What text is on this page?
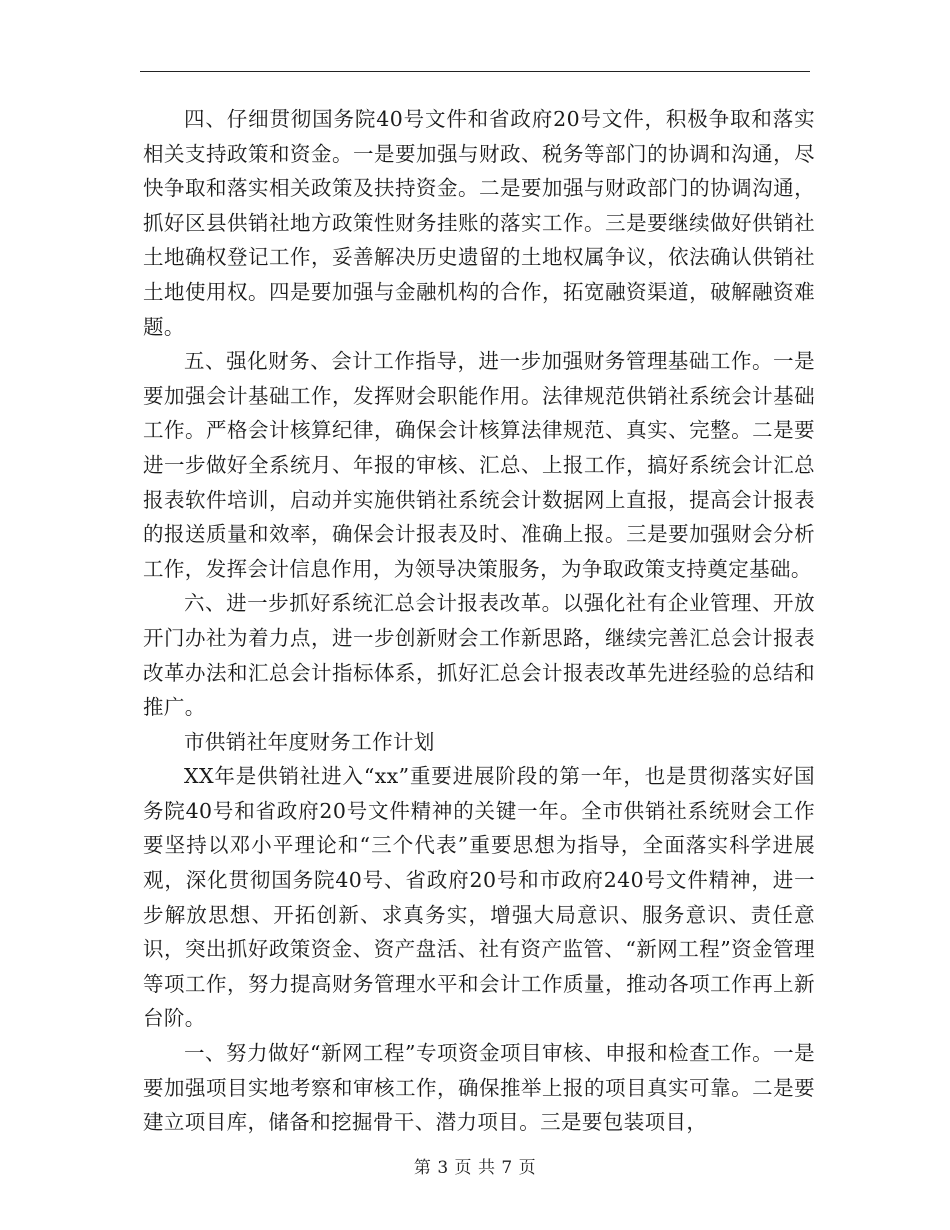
四、仔细贯彻国务院40号文件和省政府20号文件，积极争取和落实相关支持政策和资金。一是要加强与财政、税务等部门的协调和沟通，尽快争取和落实相关政策及扶持资金。二是要加强与财政部门的协调沟通，抓好区县供销社地方政策性财务挂账的落实工作。三是要继续做好供销社土地确权登记工作，妥善解决历史遗留的土地权属争议，依法确认供销社土地使用权。四是要加强与金融机构的合作，拓宽融资渠道，破解融资难题。

五、强化财务、会计工作指导，进一步加强财务管理基础工作。一是要加强会计基础工作，发挥财会职能作用。法律规范供销社系统会计基础工作。严格会计核算纪律，确保会计核算法律规范、真实、完整。二是要进一步做好全系统月、年报的审核、汇总、上报工作，搞好系统会计汇总报表软件培训，启动并实施供销社系统会计数据网上直报，提高会计报表的报送质量和效率，确保会计报表及时、准确上报。三是要加强财会分析工作，发挥会计信息作用，为领导决策服务，为争取政策支持奠定基础。

六、进一步抓好系统汇总会计报表改革。以强化社有企业管理、开放开门办社为着力点，进一步创新财会工作新思路，继续完善汇总会计报表改革办法和汇总会计指标体系，抓好汇总会计报表改革先进经验的总结和推广。

市供销社年度财务工作计划

XX年是供销社进入“xx”重要进展阶段的第一年，也是贯彻落实好国务院40号和省政府20号文件精神的关键一年。全市供销社系统财会工作要坚持以邓小平理论和“三个代表”重要思想为指导，全面落实科学进展观，深化贯彻国务院40号、省政府20号和市政府240号文件精神，进一步解放思想、开拓创新、求真务实，增强大局意识、服务意识、责任意识，突出抓好政策资金、资产盘活、社有资产监管、“新网工程”资金管理等项工作，努力提高财务管理水平和会计工作质量，推动各项工作再上新台阶。

一、努力做好“新网工程”专项资金项目审核、申报和检查工作。一是要加强项目实地考察和审核工作，确保推举上报的项目真实可靠。二是要建立项目库，储备和挖掘骨干、潜力项目。三是要包装项目，

第 3 页 共 7 页
